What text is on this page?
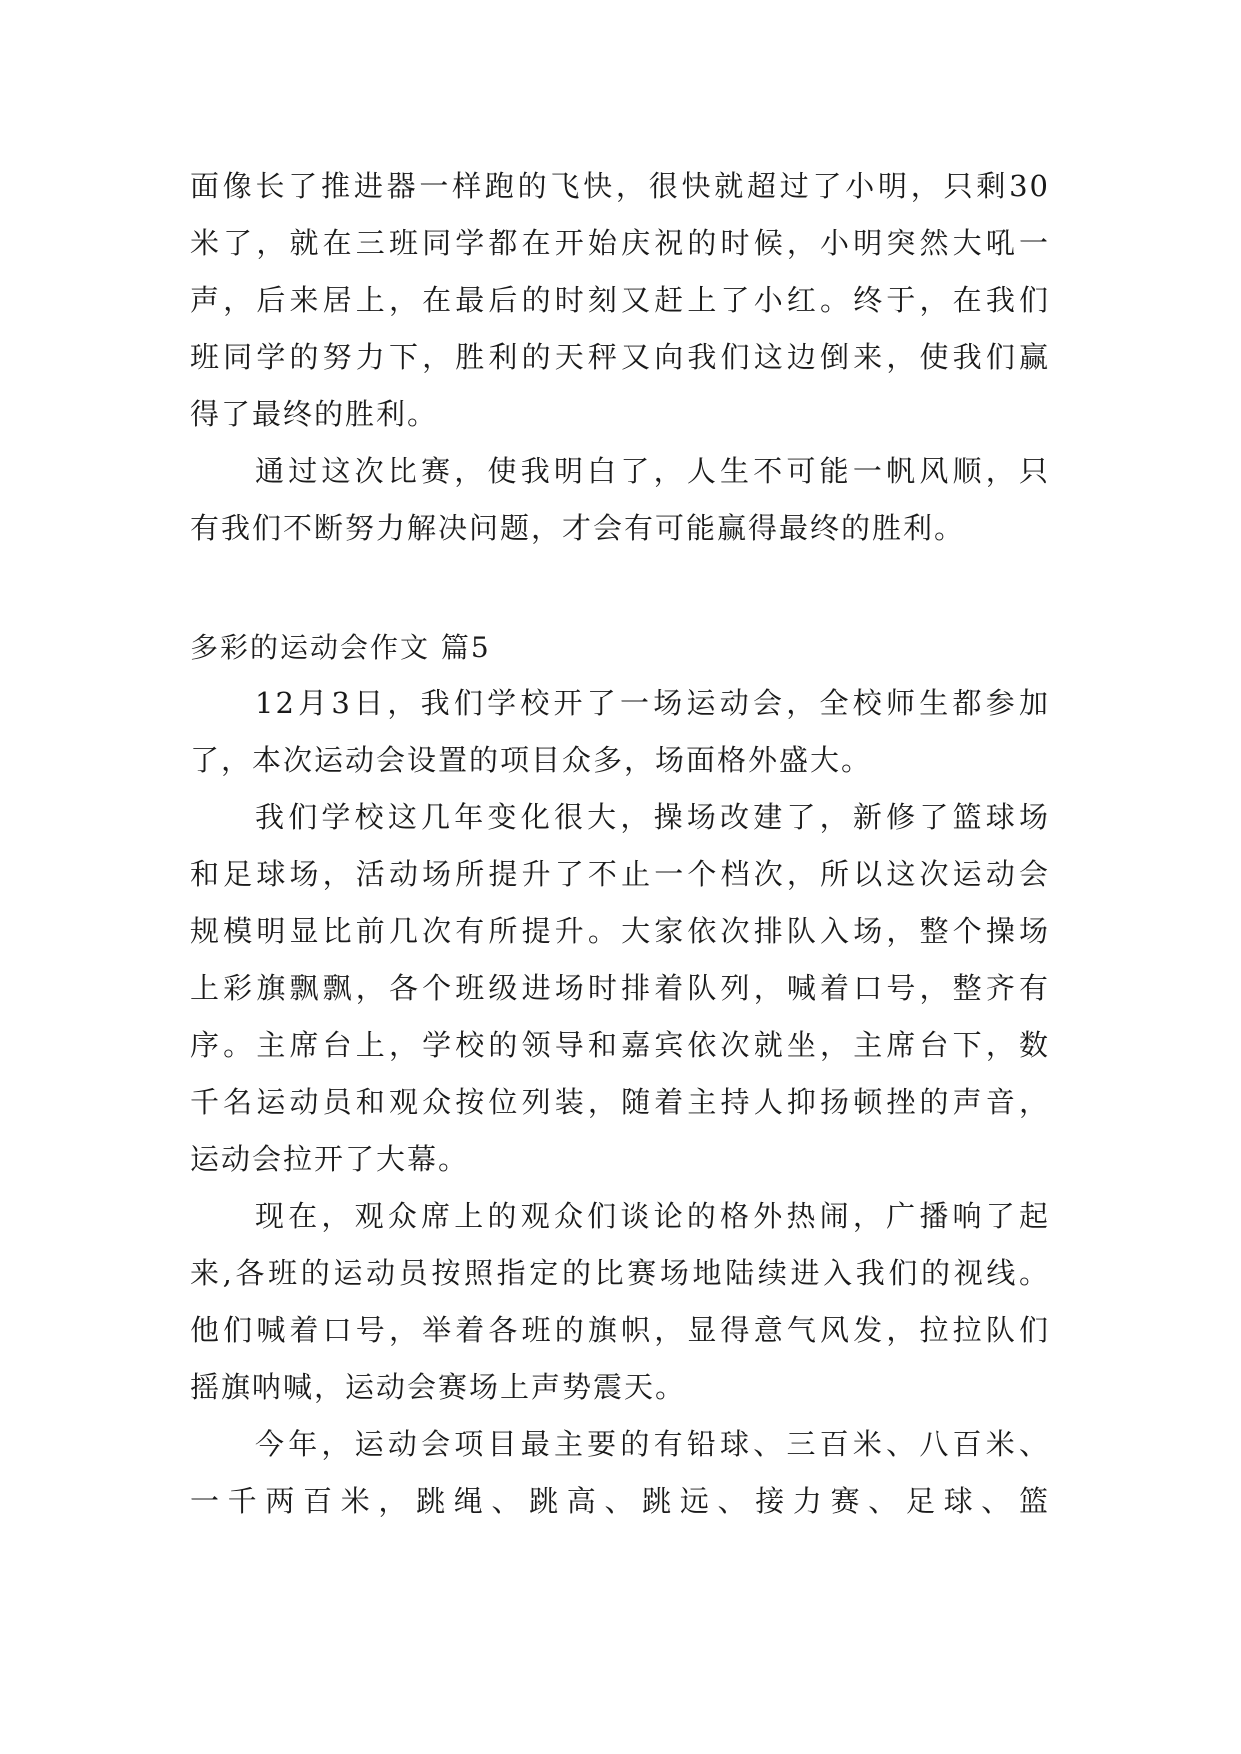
面像长了推进器一样跑的飞快，很快就超过了小明，只剩30
米了，就在三班同学都在开始庆祝的时候，小明突然大吼一
声，后来居上，在最后的时刻又赶上了小红。终于，在我们
班同学的努力下，胜利的天秤又向我们这边倒来，使我们赢
得了最终的胜利。
通过这次比赛，使我明白了，人生不可能一帆风顺，只
有我们不断努力解决问题，才会有可能赢得最终的胜利。
多彩的运动会作文 篇5
12月3日，我们学校开了一场运动会，全校师生都参加
了，本次运动会设置的项目众多，场面格外盛大。
我们学校这几年变化很大，操场改建了，新修了篮球场
和足球场，活动场所提升了不止一个档次，所以这次运动会
规模明显比前几次有所提升。大家依次排队入场，整个操场
上彩旗飘飘，各个班级进场时排着队列，喊着口号，整齐有
序。主席台上，学校的领导和嘉宾依次就坐，主席台下，数
千名运动员和观众按位列装，随着主持人抑扬顿挫的声音，
运动会拉开了大幕。
现在，观众席上的观众们谈论的格外热闹，广播响了起
来,各班的运动员按照指定的比赛场地陆续进入我们的视线。
他们喊着口号，举着各班的旗帜，显得意气风发，拉拉队们
摇旗呐喊，运动会赛场上声势震天。
今年，运动会项目最主要的有铅球、三百米、八百米、
一千两百米，跳绳、跳高、跳远、接力赛、足球、篮
